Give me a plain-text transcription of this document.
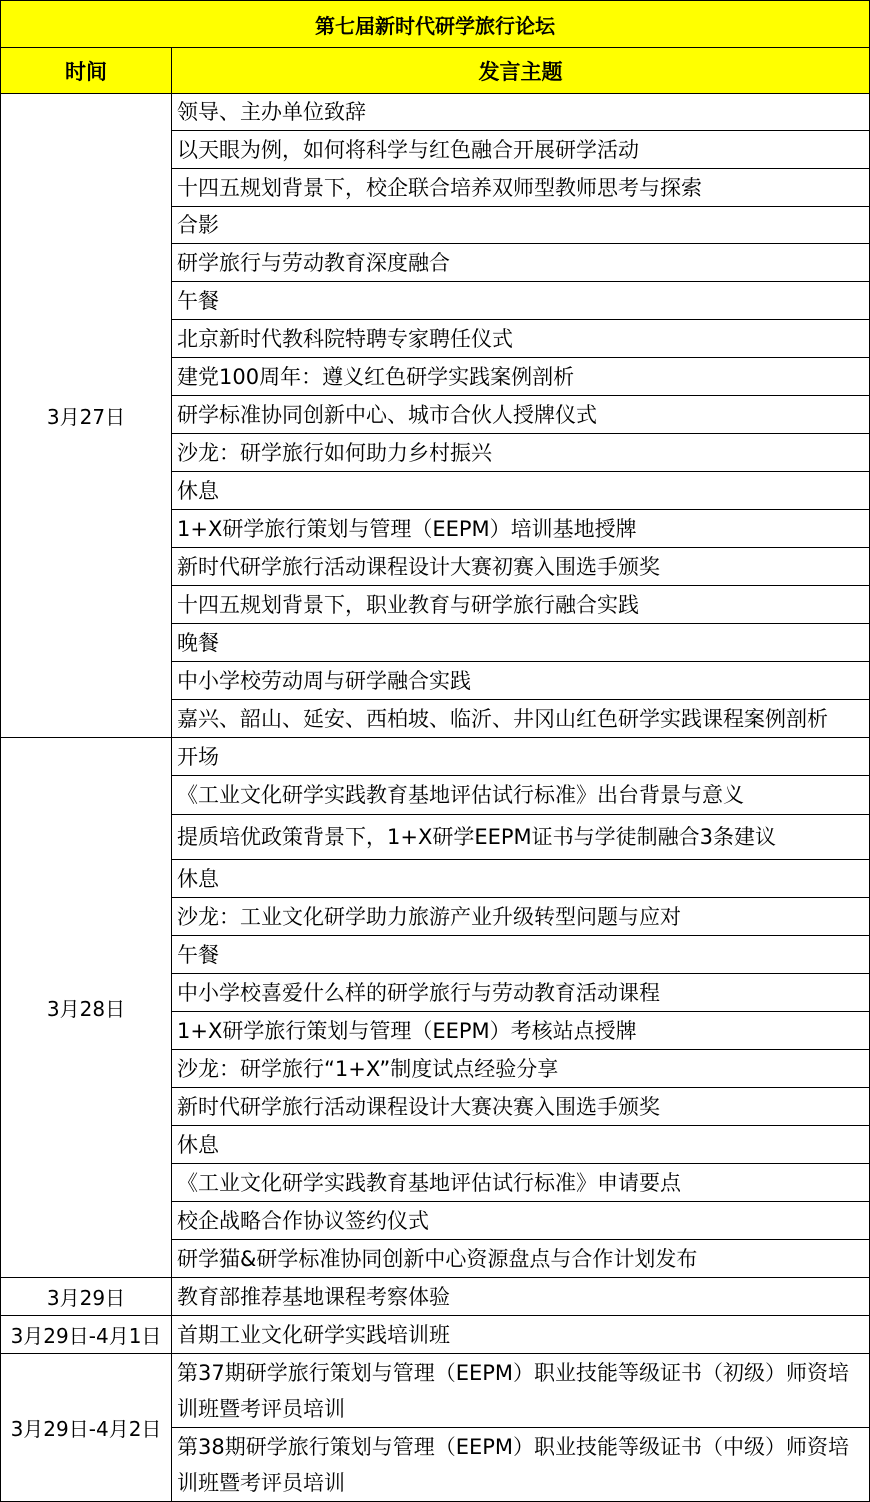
第七届新时代研学旅行论坛	
时间	发言主题
3月27日	领导、主办单位致辞
	以天眼为例，如何将科学与红色融合开展研学活动
	十四五规划背景下，校企联合培养双师型教师思考与探索
	合影
	研学旅行与劳动教育深度融合
	午餐
	北京新时代教科院特聘专家聘任仪式
	建党100周年：遵义红色研学实践案例剖析
	研学标准协同创新中心、城市合伙人授牌仪式
	沙龙：研学旅行如何助力乡村振兴
	休息
	1+X研学旅行策划与管理（EEPM）培训基地授牌
	新时代研学旅行活动课程设计大赛初赛入围选手颁奖
	十四五规划背景下，职业教育与研学旅行融合实践
	晚餐
	中小学校劳动周与研学融合实践
	嘉兴、韶山、延安、西柏坡、临沂、井冈山红色研学实践课程案例剖析
3月28日	开场
	《工业文化研学实践教育基地评估试行标准》出台背景与意义
	提质培优政策背景下，1+X研学EEPM证书与学徒制融合3条建议
	休息
	沙龙：工业文化研学助力旅游产业升级转型问题与应对
	午餐
	中小学校喜爱什么样的研学旅行与劳动教育活动课程
	1+X研学旅行策划与管理（EEPM）考核站点授牌
	沙龙：研学旅行“1+X”制度试点经验分享
	新时代研学旅行活动课程设计大赛决赛入围选手颁奖
	休息
	《工业文化研学实践教育基地评估试行标准》申请要点
	校企战略合作协议签约仪式
	研学猫&研学标准协同创新中心资源盘点与合作计划发布
3月29日	教育部推荐基地课程考察体验
3月29日-4月1日	首期工业文化研学实践培训班
3月29日-4月2日	第37期研学旅行策划与管理（EEPM）职业技能等级证书（初级）师资培训班暨考评员培训
	第38期研学旅行策划与管理（EEPM）职业技能等级证书（中级）师资培训班暨考评员培训
